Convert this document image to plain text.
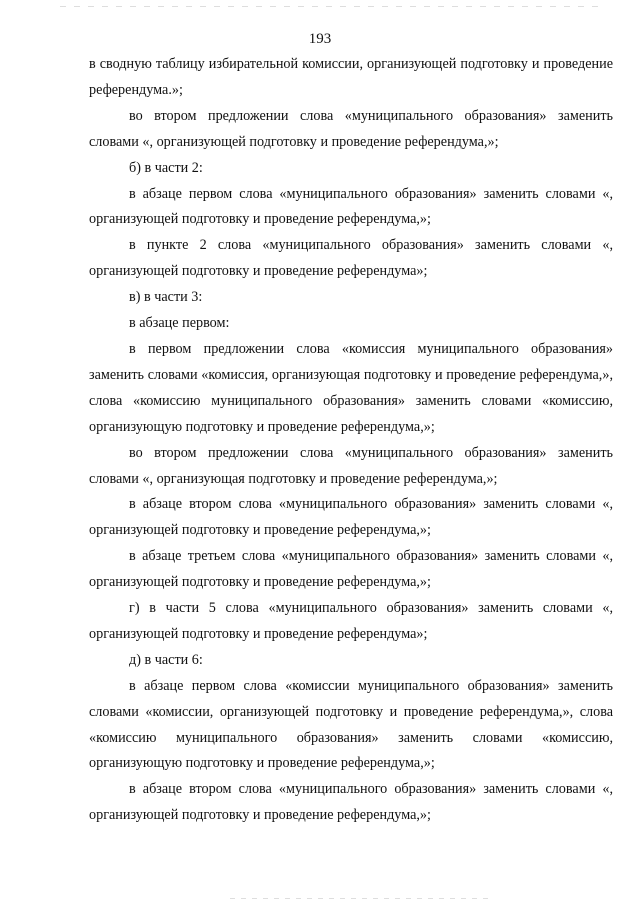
193

в сводную таблицу избирательной комиссии, организующей подготовку и проведение референдума.»;

во втором предложении слова «муниципального образования» заменить словами «, организующей подготовку и проведение референдума,»;

б) в части 2:

в абзаце первом слова «муниципального образования» заменить словами «, организующей подготовку и проведение референдума,»;

в пункте 2 слова «муниципального образования» заменить словами «, организующей подготовку и проведение референдума»;

в) в части 3:

в абзаце первом:

в первом предложении слова «комиссия муниципального образования» заменить словами «комиссия, организующая подготовку и проведение референдума,», слова «комиссию муниципального образования» заменить словами «комиссию, организующую подготовку и проведение референдума,»;

во втором предложении слова «муниципального образования» заменить словами «, организующая подготовку и проведение референдума,»;

в абзаце втором слова «муниципального образования» заменить словами «, организующей подготовку и проведение референдума,»;

в абзаце третьем слова «муниципального образования» заменить словами «, организующей подготовку и проведение референдума,»;

г) в части 5 слова «муниципального образования» заменить словами «, организующей подготовку и проведение референдума»;

д) в части 6:

в абзаце первом слова «комиссии муниципального образования» заменить словами «комиссии, организующей подготовку и проведение референдума,», слова «комиссию муниципального образования» заменить словами «комиссию, организующую подготовку и проведение референдума,»;

в абзаце втором слова «муниципального образования» заменить словами «, организующей подготовку и проведение референдума,»;
